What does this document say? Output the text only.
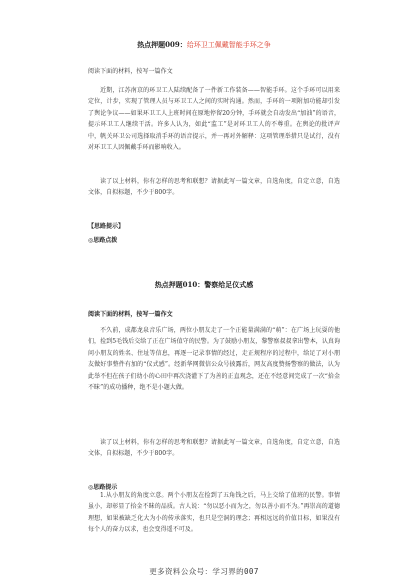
热点押题009：给环卫工佩戴智能手环之争

阅读下面的材料，按写一篇作文

近期，江苏南京的环卫工人陆续配备了一件新工作装备——智能手环。这个手环可以用来定位，计步，实现了管理人员与环卫工人之间的实时沟通。然而，手环的一项附加功能却引发了舆论争议——如果环卫工人上班时间在原地停留20分钟，手环就会自动发出“加油”的语音，提示环卫工人继续干活。许多人认为，如此“监工”是对环卫工人的不尊重。在舆论的批评声中，帆关环卫公司选择取消手环的语音提示，并一再对外解释：这项管理举措只是试行，没有对环卫工人因佩戴手环而影响收入。

读了以上材料，你有怎样的思考和联想？请据此写一篇文章，自选角度，自定立意，自选文体，自拟标题，不少于800字。

【思路提示】
◎思路点拨
热点押题010：警察给足仪式感

阅读下面的材料，按写一篇作文

不久前，成都龙泉音乐广场，两位小朋友走了一个正能量满满的“萌”：在广场上玩耍的他们，捡到5毛钱后交给了正在广场值守的民警。为了鼓励小朋友，黎警察叔叔拿出警本，认真询问小朋友的姓名、住址等信息，再逐一记录事情的经过，走正规程序的过程中，给足了对小朋友做好事整件有加的“仪式感”。经新华网微信公众号披露后，网友高度赞扬警察的做法，认为此举不但在孩子们幼小的心田中再次浇灌下了为善的正直观念，还在不经意间完成了一次“拾金不昧”的成功播种，绝不是小题大做。

读了以上材料，你有怎样的思考和联想？请据此写一篇文章，自选角度，自定立意，自选文体，自拟标题，不少于800字。

◎思路提示

1.从小朋友的角度立意。两个小朋友在捡到了五角钱之后，马上交给了值班的民警。事情虽小，却彰显了拾金不昧的品质。古人说：“勿以恶小而为之，勿以善小而不为。”再崇高的道德理想，如果被缺乏化大为小的传承落实，也只是空洞的理念；再相远远的价值目标，如果没有每个人的奋力以求，也会变得遥不可及。

更多资料公众号：学习界的007
